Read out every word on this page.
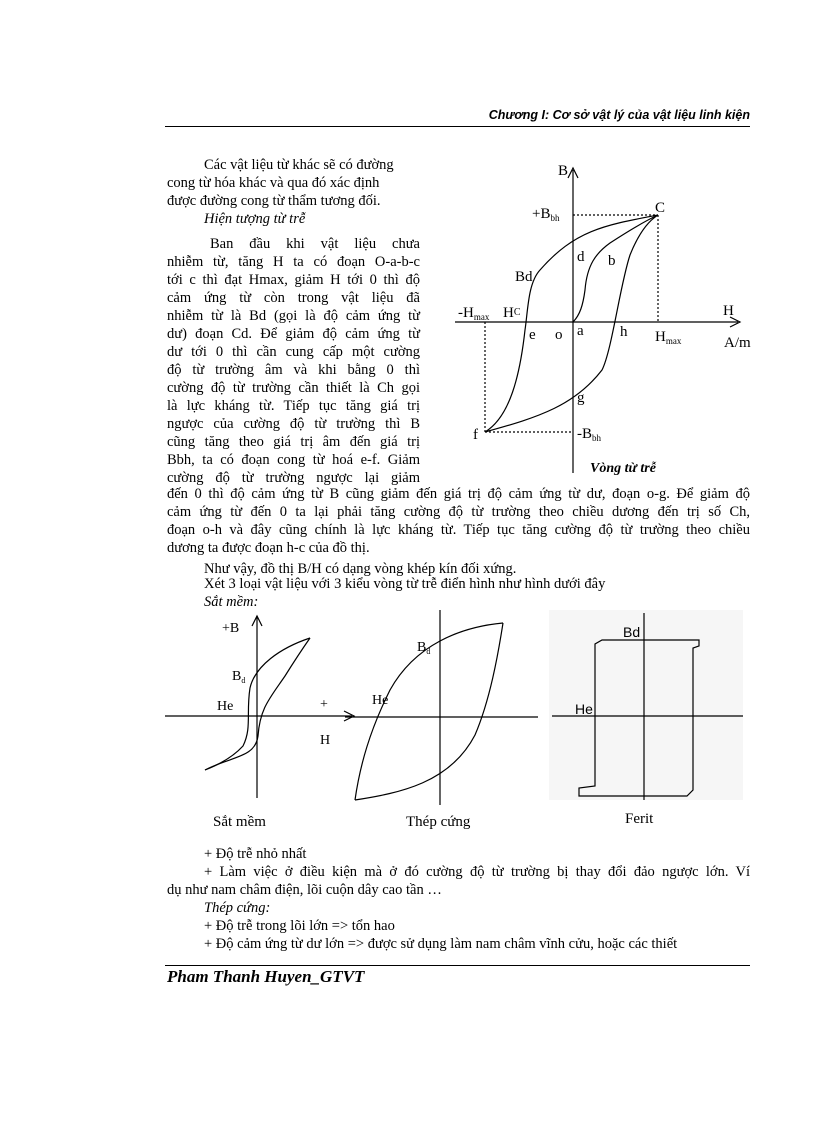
Chương I: Cơ sở vật lý của vật liệu linh kiện

Các vật liệu từ khác sẽ có đường

cong từ hóa khác và qua đó xác định

được đường cong từ thẩm tương đối.

Hiện tượng từ trễ

Ban đầu khi vật liệu chưa

nhiễm từ, tăng H ta có đoạn O-a-b-c

tới c thì đạt Hmax, giảm H tới 0 thì độ

cảm ứng từ còn trong vật liệu đã

nhiễm từ là Bd (gọi là độ cảm ứng từ

dư) đoạn Cd. Để giảm độ cảm ứng từ

dư tới 0 thì cần cung cấp một cường

độ từ trường âm và khi bằng 0 thì

cường độ từ trường cần thiết là Ch gọi

là lực kháng từ. Tiếp tục tăng giá trị

ngược của cường độ từ trường thì B

cũng tăng theo giá trị âm đến giá trị

Bbh, ta có đoạn cong từ hoá e-f. Giảm

cường độ từ trường ngược lại giảm

B
H
A/m
$+B_{bh}$
$-B_{bh}$
$-H_{max}$
$H_{max}$
HC
Bd
C
d b
e o a h
g
f
Vòng từ trễ

đến 0 thì độ cảm ứng từ B cũng giảm đến giá trị độ cảm ứng từ dư, đoạn o-g. Để giảm độ

cảm ứng từ đến 0 ta lại phải tăng cường độ từ trường theo chiều dương đến trị số Ch,

đoạn o-h và đây cũng chính là lực kháng từ. Tiếp tục tăng cường độ từ trường theo chiều

dương ta được đoạn h-c của đồ thị.

Như vậy, đồ thị B/H có dạng vòng khép kín đối xứng.

Xét 3 loại vật liệu với 3 kiểu vòng từ trễ điển hình như hình dưới đây

Sắt mềm:

+B
$B_d$
He	+
H
Sắt mềm
$B_d$
He
Thép cứng
Bd
He
Ferit

+ Độ trễ nhỏ nhất

+ Làm việc ở điều kiện mà ở đó cường độ từ trường bị thay đổi đảo ngược lớn. Ví

dụ như nam châm điện, lõi cuộn dây cao tần …

Thép cứng:

+ Độ trễ trong lõi lớn => tổn hao

+ Độ cảm ứng từ dư lớn => được sử dụng làm nam châm vĩnh cửu, hoặc các thiết

Pham Thanh Huyen_GTVT
